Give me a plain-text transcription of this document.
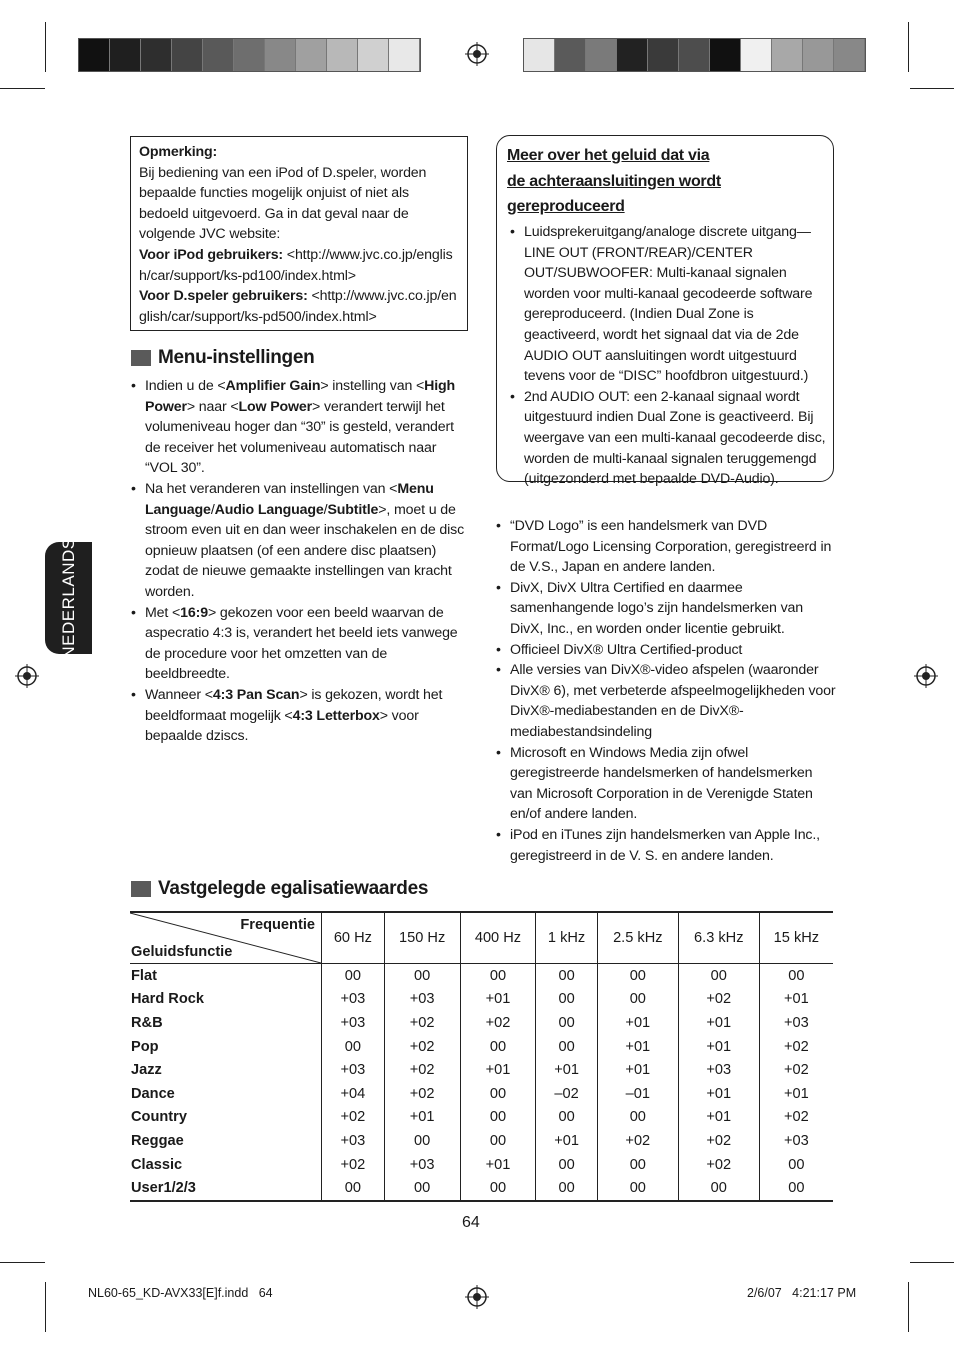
Opmerking:
Bij bediening van een iPod of D.speler, worden bepaalde functies mogelijk onjuist of niet als bedoeld uitgevoerd. Ga in dat geval naar de volgende JVC website:
Voor iPod gebruikers: <http://www.jvc.co.jp/english/car/support/ks-pd100/index.html>
Voor D.speler gebruikers: <http://www.jvc.co.jp/english/car/support/ks-pd500/index.html>
Menu-instellingen
• Indien u de <Amplifier Gain> instelling van <High Power> naar <Low Power> verandert terwijl het volumeniveau hoger dan “30” is gesteld, verandert de receiver het volumeniveau automatisch naar “VOL 30”.
• Na het veranderen van instellingen van <Menu Language/Audio Language/Subtitle>, moet u de stroom even uit en dan weer inschakelen en de disc opnieuw plaatsen (of een andere disc plaatsen) zodat de nieuwe gemaakte instellingen van kracht worden.
• Met <16:9> gekozen voor een beeld waarvan de aspecratio 4:3 is, verandert het beeld iets vanwege de procedure voor het omzetten van de beeldbreedte.
• Wanneer <4:3 Pan Scan> is gekozen, wordt het beeldformaat mogelijk <4:3 Letterbox> voor bepaalde dziscs.
Meer over het geluid dat via
de achteraansluitingen wordt
gereproduceerd
• Luidsprekeruitgang/analoge discrete uitgang—LINE OUT (FRONT/REAR)/CENTER OUT/SUBWOOFER: Multi-kanaal signalen worden voor multi-kanaal gecodeerde software gereproduceerd. (Indien Dual Zone is geactiveerd, wordt het signaal dat via de 2de AUDIO OUT aansluitingen wordt uitgestuurd tevens voor de “DISC” hoofdbron uitgestuurd.)
• 2nd AUDIO OUT: een 2-kanaal signaal wordt uitgestuurd indien Dual Zone is geactiveerd. Bij weergave van een multi-kanaal gecodeerde disc, worden de multi-kanaal signalen teruggemengd (uitgezonderd met bepaalde DVD-Audio).
• “DVD Logo” is een handelsmerk van DVD Format/Logo Licensing Corporation, geregistreerd in de V.S., Japan en andere landen.
• DivX, DivX Ultra Certified en daarmee samenhangende logo’s zijn handelsmerken van DivX, Inc., en worden onder licentie gebruikt.
• Officieel DivX® Ultra Certified-product
• Alle versies van DivX®-video afspelen (waaronder DivX® 6), met verbeterde afspeelmogelijkheden voor DivX®-mediabestanden en de DivX®-mediabestandsindeling
• Microsoft en Windows Media zijn ofwel geregistreerde handelsmerken of handelsmerken van Microsoft Corporation in de Verenigde Staten en/of andere landen.
• iPod en iTunes zijn handelsmerken van Apple Inc., geregistreerd in de V. S. en andere landen.
NEDERLANDS
Vastgelegde egalisatiewaardes
Frequentie
Geluidsfunctie	60 Hz	150 Hz	400 Hz	1 kHz	2.5 kHz	6.3 kHz	15 kHz
Flat	00	00	00	00	00	00	00
Hard Rock	+03	+03	+01	00	00	+02	+01
R&B	+03	+02	+02	00	+01	+01	+03
Pop	00	+02	00	00	+01	+01	+02
Jazz	+03	+02	+01	+01	+01	+03	+02
Dance	+04	+02	00	–02	–01	+01	+01
Country	+02	+01	00	00	00	+01	+02
Reggae	+03	00	00	+01	+02	+02	+03
Classic	+02	+03	+01	00	00	+02	00
User1/2/3	00	00	00	00	00	00	00
64
NL60-65_KD-AVX33[E]f.indd   64	2/6/07   4:21:17 PM
